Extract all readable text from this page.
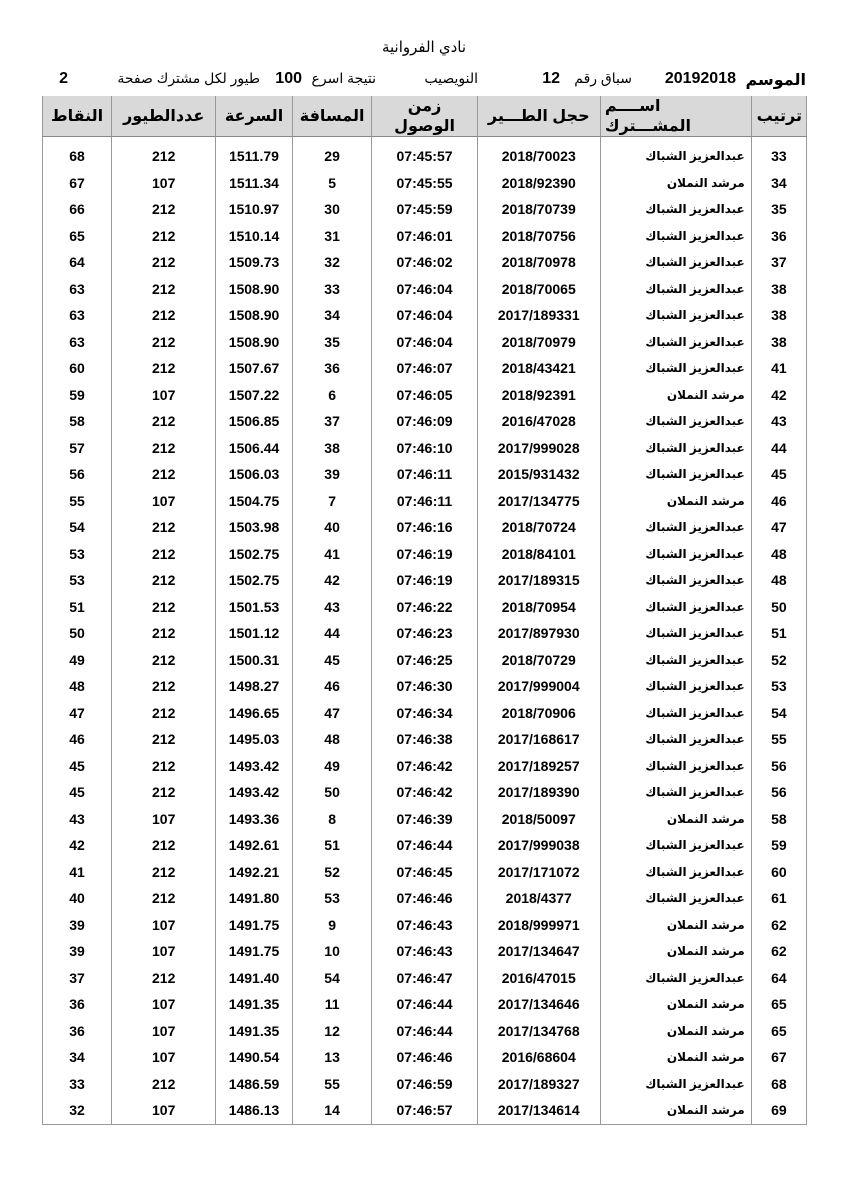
نادي الفروانية
الموسم
20192018
سباق رقم
12
النويصيب
نتيجة اسرع
100
طيور لكل مشترك صفحة
2
ترتيب	اســــم المشـــترك	حجل الطـــير	زمن الوصول	المسافة	السرعة	عددالطيور	النقاط

33	عبدالعزيز الشباك	2018/70023	07:45:57	29	1511.79	212	68
34	مرشد النملان	2018/92390	07:45:55	5	1511.34	107	67
35	عبدالعزيز الشباك	2018/70739	07:45:59	30	1510.97	212	66
36	عبدالعزيز الشباك	2018/70756	07:46:01	31	1510.14	212	65
37	عبدالعزيز الشباك	2018/70978	07:46:02	32	1509.73	212	64
38	عبدالعزيز الشباك	2018/70065	07:46:04	33	1508.90	212	63
38	عبدالعزيز الشباك	2017/189331	07:46:04	34	1508.90	212	63
38	عبدالعزيز الشباك	2018/70979	07:46:04	35	1508.90	212	63
41	عبدالعزيز الشباك	2018/43421	07:46:07	36	1507.67	212	60
42	مرشد النملان	2018/92391	07:46:05	6	1507.22	107	59
43	عبدالعزيز الشباك	2016/47028	07:46:09	37	1506.85	212	58
44	عبدالعزيز الشباك	2017/999028	07:46:10	38	1506.44	212	57
45	عبدالعزيز الشباك	2015/931432	07:46:11	39	1506.03	212	56
46	مرشد النملان	2017/134775	07:46:11	7	1504.75	107	55
47	عبدالعزيز الشباك	2018/70724	07:46:16	40	1503.98	212	54
48	عبدالعزيز الشباك	2018/84101	07:46:19	41	1502.75	212	53
48	عبدالعزيز الشباك	2017/189315	07:46:19	42	1502.75	212	53
50	عبدالعزيز الشباك	2018/70954	07:46:22	43	1501.53	212	51
51	عبدالعزيز الشباك	2017/897930	07:46:23	44	1501.12	212	50
52	عبدالعزيز الشباك	2018/70729	07:46:25	45	1500.31	212	49
53	عبدالعزيز الشباك	2017/999004	07:46:30	46	1498.27	212	48
54	عبدالعزيز الشباك	2018/70906	07:46:34	47	1496.65	212	47
55	عبدالعزيز الشباك	2017/168617	07:46:38	48	1495.03	212	46
56	عبدالعزيز الشباك	2017/189257	07:46:42	49	1493.42	212	45
56	عبدالعزيز الشباك	2017/189390	07:46:42	50	1493.42	212	45
58	مرشد النملان	2018/50097	07:46:39	8	1493.36	107	43
59	عبدالعزيز الشباك	2017/999038	07:46:44	51	1492.61	212	42
60	عبدالعزيز الشباك	2017/171072	07:46:45	52	1492.21	212	41
61	عبدالعزيز الشباك	2018/4377	07:46:46	53	1491.80	212	40
62	مرشد النملان	2018/999971	07:46:43	9	1491.75	107	39
62	مرشد النملان	2017/134647	07:46:43	10	1491.75	107	39
64	عبدالعزيز الشباك	2016/47015	07:46:47	54	1491.40	212	37
65	مرشد النملان	2017/134646	07:46:44	11	1491.35	107	36
65	مرشد النملان	2017/134768	07:46:44	12	1491.35	107	36
67	مرشد النملان	2016/68604	07:46:46	13	1490.54	107	34
68	عبدالعزيز الشباك	2017/189327	07:46:59	55	1486.59	212	33
69	مرشد النملان	2017/134614	07:46:57	14	1486.13	107	32
